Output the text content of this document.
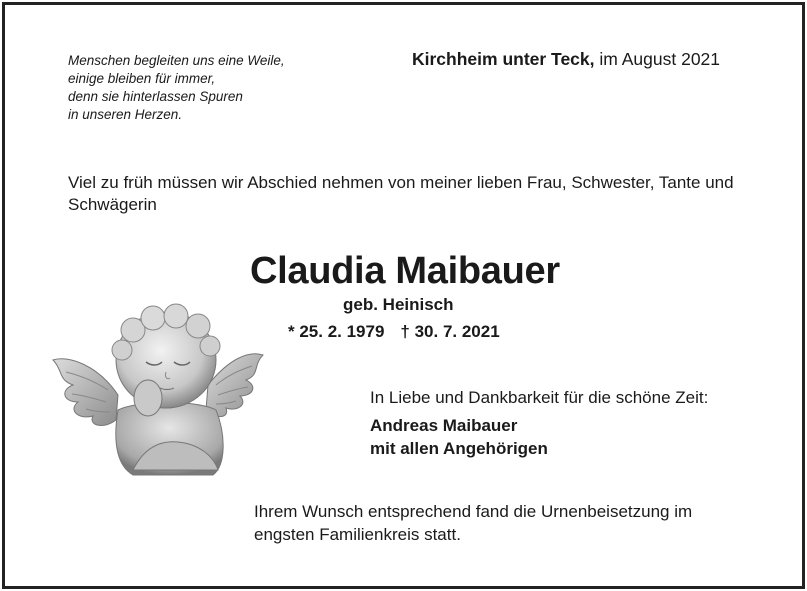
Menschen begleiten uns eine Weile,
einige bleiben für immer,
denn sie hinterlassen Spuren
in unseren Herzen.
Kirchheim unter Teck, im August 2021
Viel zu früh müssen wir Abschied nehmen von meiner lieben Frau, Schwester, Tante und Schwägerin
Claudia Maibauer
geb. Heinisch
* 25. 2. 1979 † 30. 7. 2021
In Liebe und Dankbarkeit für die schöne Zeit:
Andreas Maibauer
mit allen Angehörigen
Ihrem Wunsch entsprechend fand die Urnenbeisetzung im engsten Familienkreis statt.
